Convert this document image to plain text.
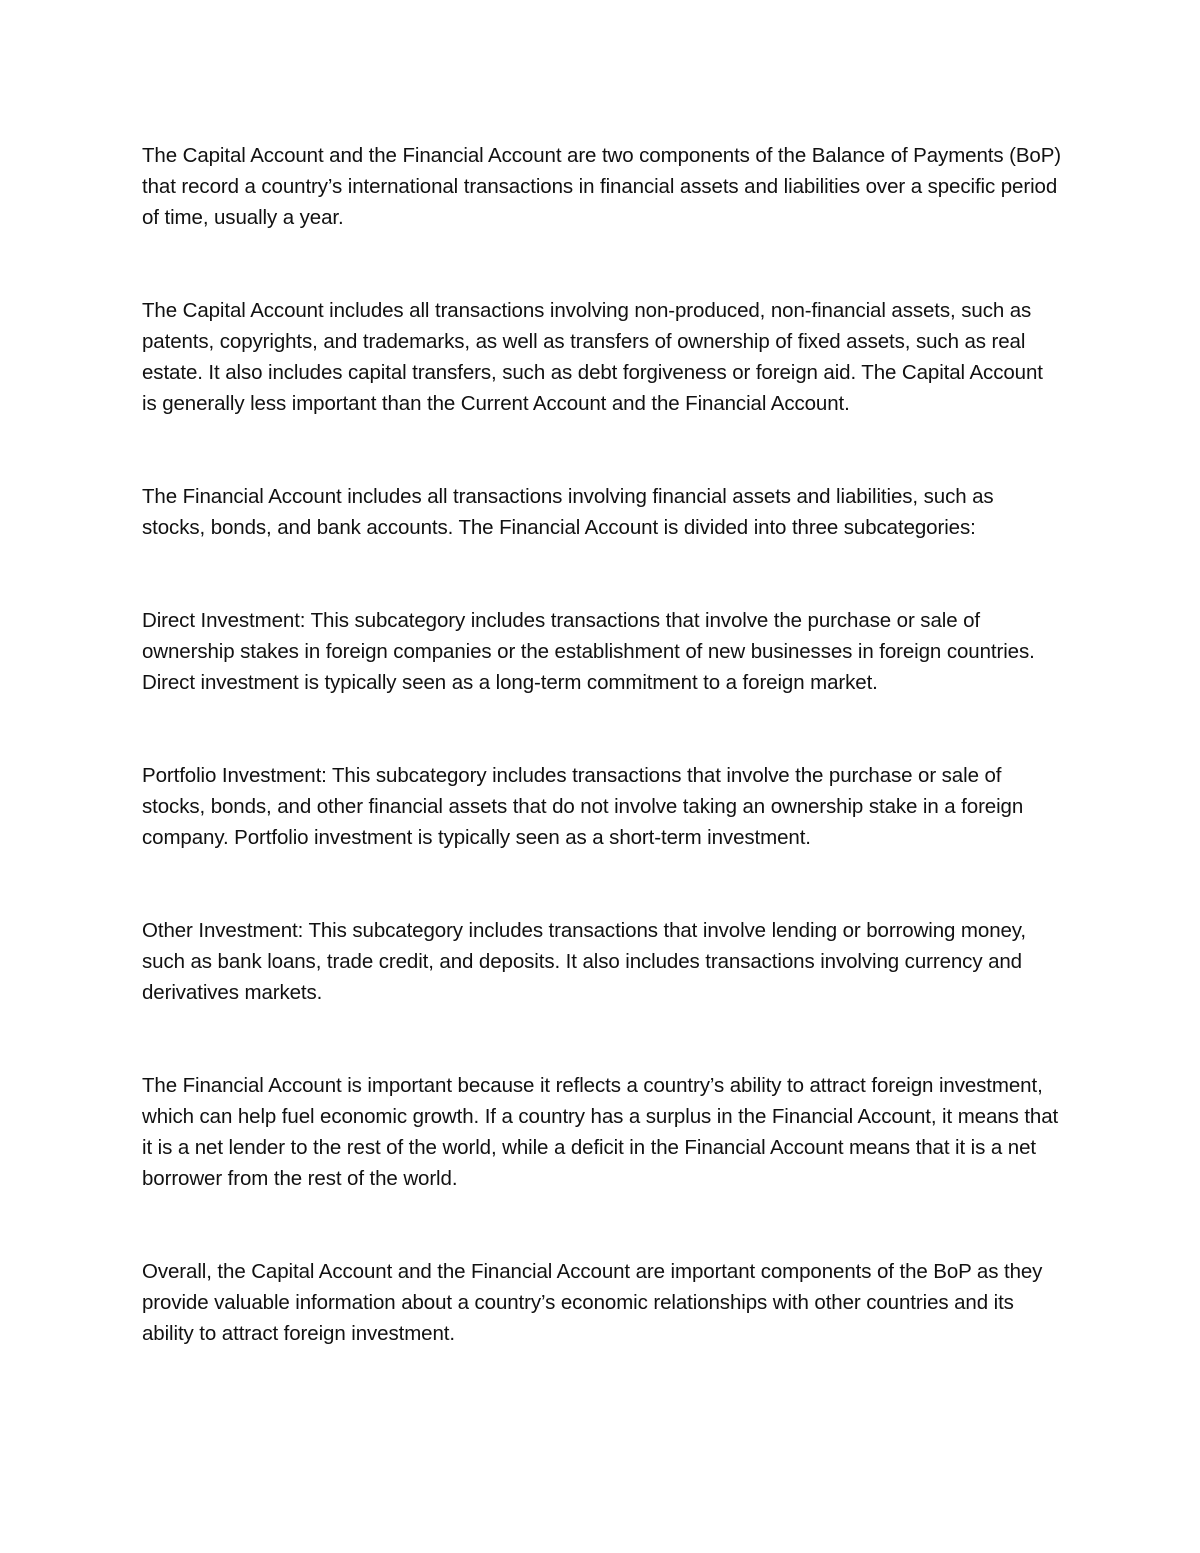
The Capital Account and the Financial Account are two components of the Balance of Payments (BoP) that record a country’s international transactions in financial assets and liabilities over a specific period of time, usually a year.

The Capital Account includes all transactions involving non-produced, non-financial assets, such as patents, copyrights, and trademarks, as well as transfers of ownership of fixed assets, such as real estate. It also includes capital transfers, such as debt forgiveness or foreign aid. The Capital Account is generally less important than the Current Account and the Financial Account.

The Financial Account includes all transactions involving financial assets and liabilities, such as stocks, bonds, and bank accounts. The Financial Account is divided into three subcategories:

Direct Investment: This subcategory includes transactions that involve the purchase or sale of ownership stakes in foreign companies or the establishment of new businesses in foreign countries. Direct investment is typically seen as a long-term commitment to a foreign market.

Portfolio Investment: This subcategory includes transactions that involve the purchase or sale of stocks, bonds, and other financial assets that do not involve taking an ownership stake in a foreign company. Portfolio investment is typically seen as a short-term investment.

Other Investment: This subcategory includes transactions that involve lending or borrowing money, such as bank loans, trade credit, and deposits. It also includes transactions involving currency and derivatives markets.

The Financial Account is important because it reflects a country’s ability to attract foreign investment, which can help fuel economic growth. If a country has a surplus in the Financial Account, it means that it is a net lender to the rest of the world, while a deficit in the Financial Account means that it is a net borrower from the rest of the world.

Overall, the Capital Account and the Financial Account are important components of the BoP as they provide valuable information about a country’s economic relationships with other countries and its ability to attract foreign investment.
